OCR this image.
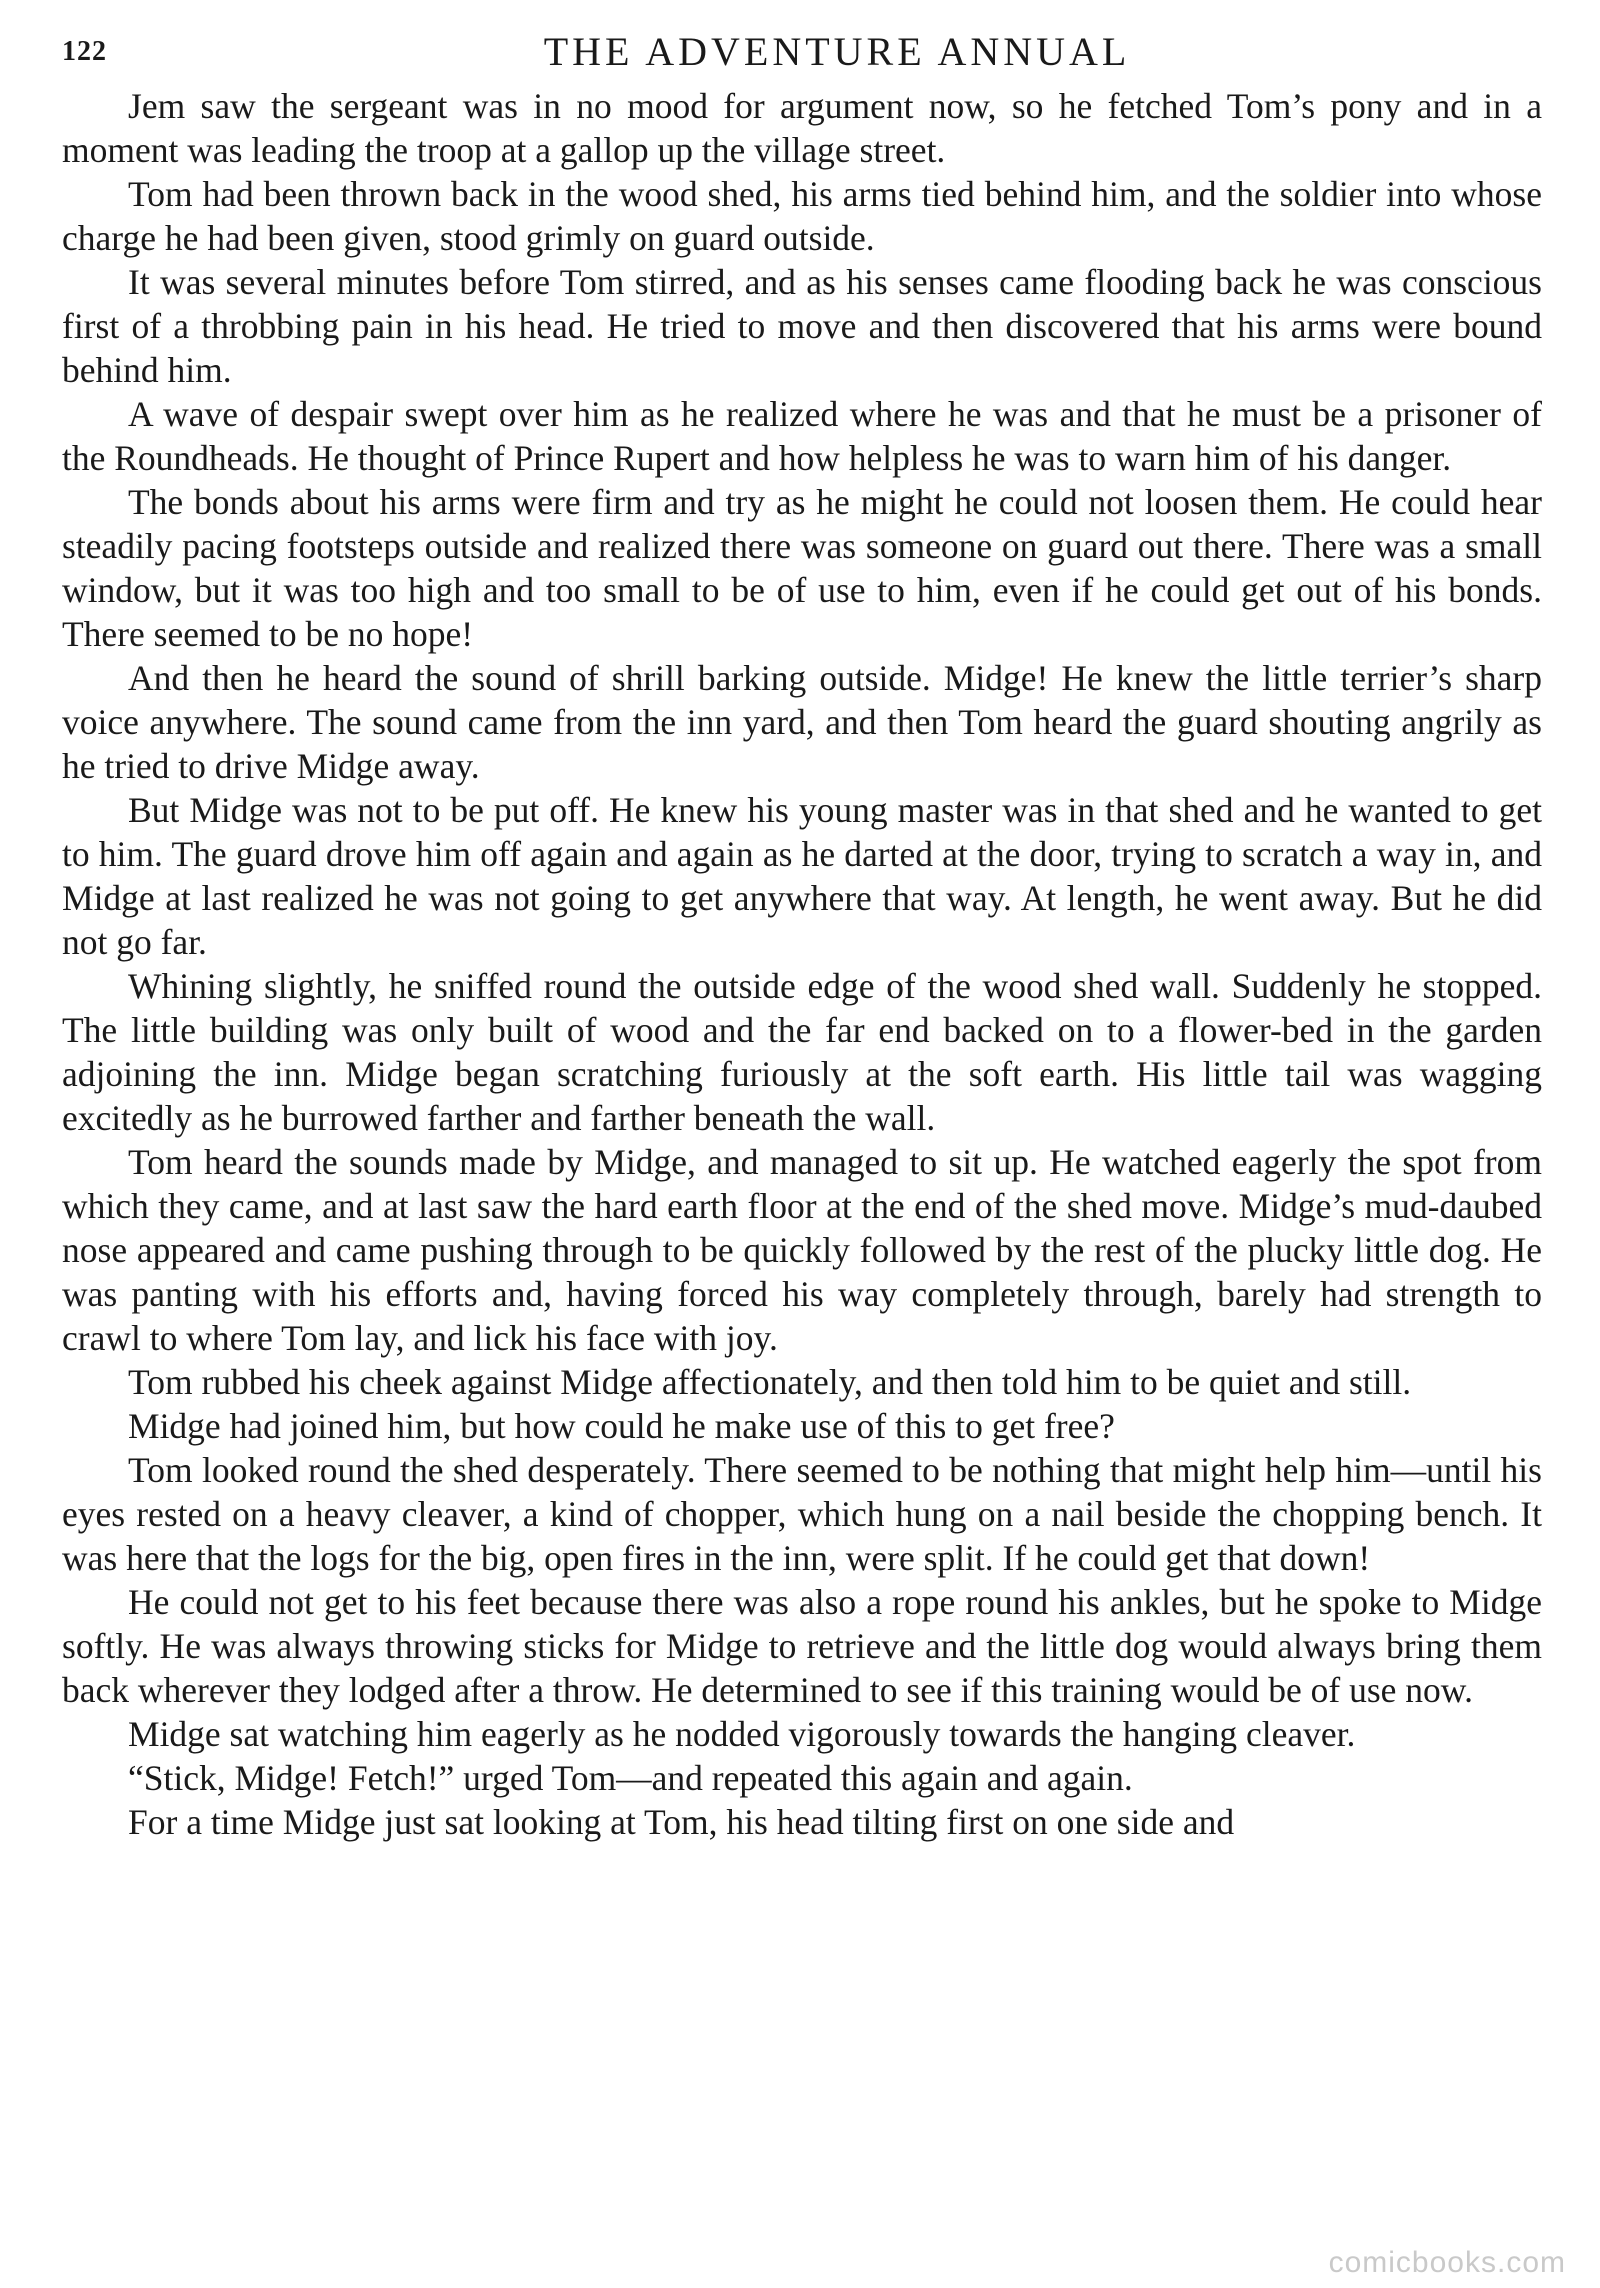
122	THE ADVENTURE ANNUAL

Jem saw the sergeant was in no mood for argument now, so he fetched Tom’s pony and in a moment was leading the troop at a gallop up the village street.

Tom had been thrown back in the wood shed, his arms tied behind him, and the soldier into whose charge he had been given, stood grimly on guard outside.

It was several minutes before Tom stirred, and as his senses came flooding back he was conscious first of a throbbing pain in his head. He tried to move and then discovered that his arms were bound behind him.

A wave of despair swept over him as he realized where he was and that he must be a prisoner of the Roundheads. He thought of Prince Rupert and how helpless he was to warn him of his danger.

The bonds about his arms were firm and try as he might he could not loosen them. He could hear steadily pacing footsteps outside and realized there was someone on guard out there. There was a small window, but it was too high and too small to be of use to him, even if he could get out of his bonds. There seemed to be no hope!

And then he heard the sound of shrill barking outside. Midge! He knew the little terrier’s sharp voice anywhere. The sound came from the inn yard, and then Tom heard the guard shouting angrily as he tried to drive Midge away.

But Midge was not to be put off. He knew his young master was in that shed and he wanted to get to him. The guard drove him off again and again as he darted at the door, trying to scratch a way in, and Midge at last realized he was not going to get anywhere that way. At length, he went away. But he did not go far.

Whining slightly, he sniffed round the outside edge of the wood shed wall. Suddenly he stopped. The little building was only built of wood and the far end backed on to a flower-bed in the garden adjoining the inn. Midge began scratching furiously at the soft earth. His little tail was wagging excitedly as he burrowed farther and farther beneath the wall.

Tom heard the sounds made by Midge, and managed to sit up. He watched eagerly the spot from which they came, and at last saw the hard earth floor at the end of the shed move. Midge’s mud-daubed nose appeared and came pushing through to be quickly followed by the rest of the plucky little dog. He was panting with his efforts and, having forced his way completely through, barely had strength to crawl to where Tom lay, and lick his face with joy.

Tom rubbed his cheek against Midge affectionately, and then told him to be quiet and still.

Midge had joined him, but how could he make use of this to get free?

Tom looked round the shed desperately. There seemed to be nothing that might help him—until his eyes rested on a heavy cleaver, a kind of chopper, which hung on a nail beside the chopping bench. It was here that the logs for the big, open fires in the inn, were split. If he could get that down!

He could not get to his feet because there was also a rope round his ankles, but he spoke to Midge softly. He was always throwing sticks for Midge to retrieve and the little dog would always bring them back wherever they lodged after a throw. He determined to see if this training would be of use now.

Midge sat watching him eagerly as he nodded vigorously towards the hanging cleaver.

“Stick, Midge! Fetch!” urged Tom—and repeated this again and again.

For a time Midge just sat looking at Tom, his head tilting first on one side and

comicbooks.com
